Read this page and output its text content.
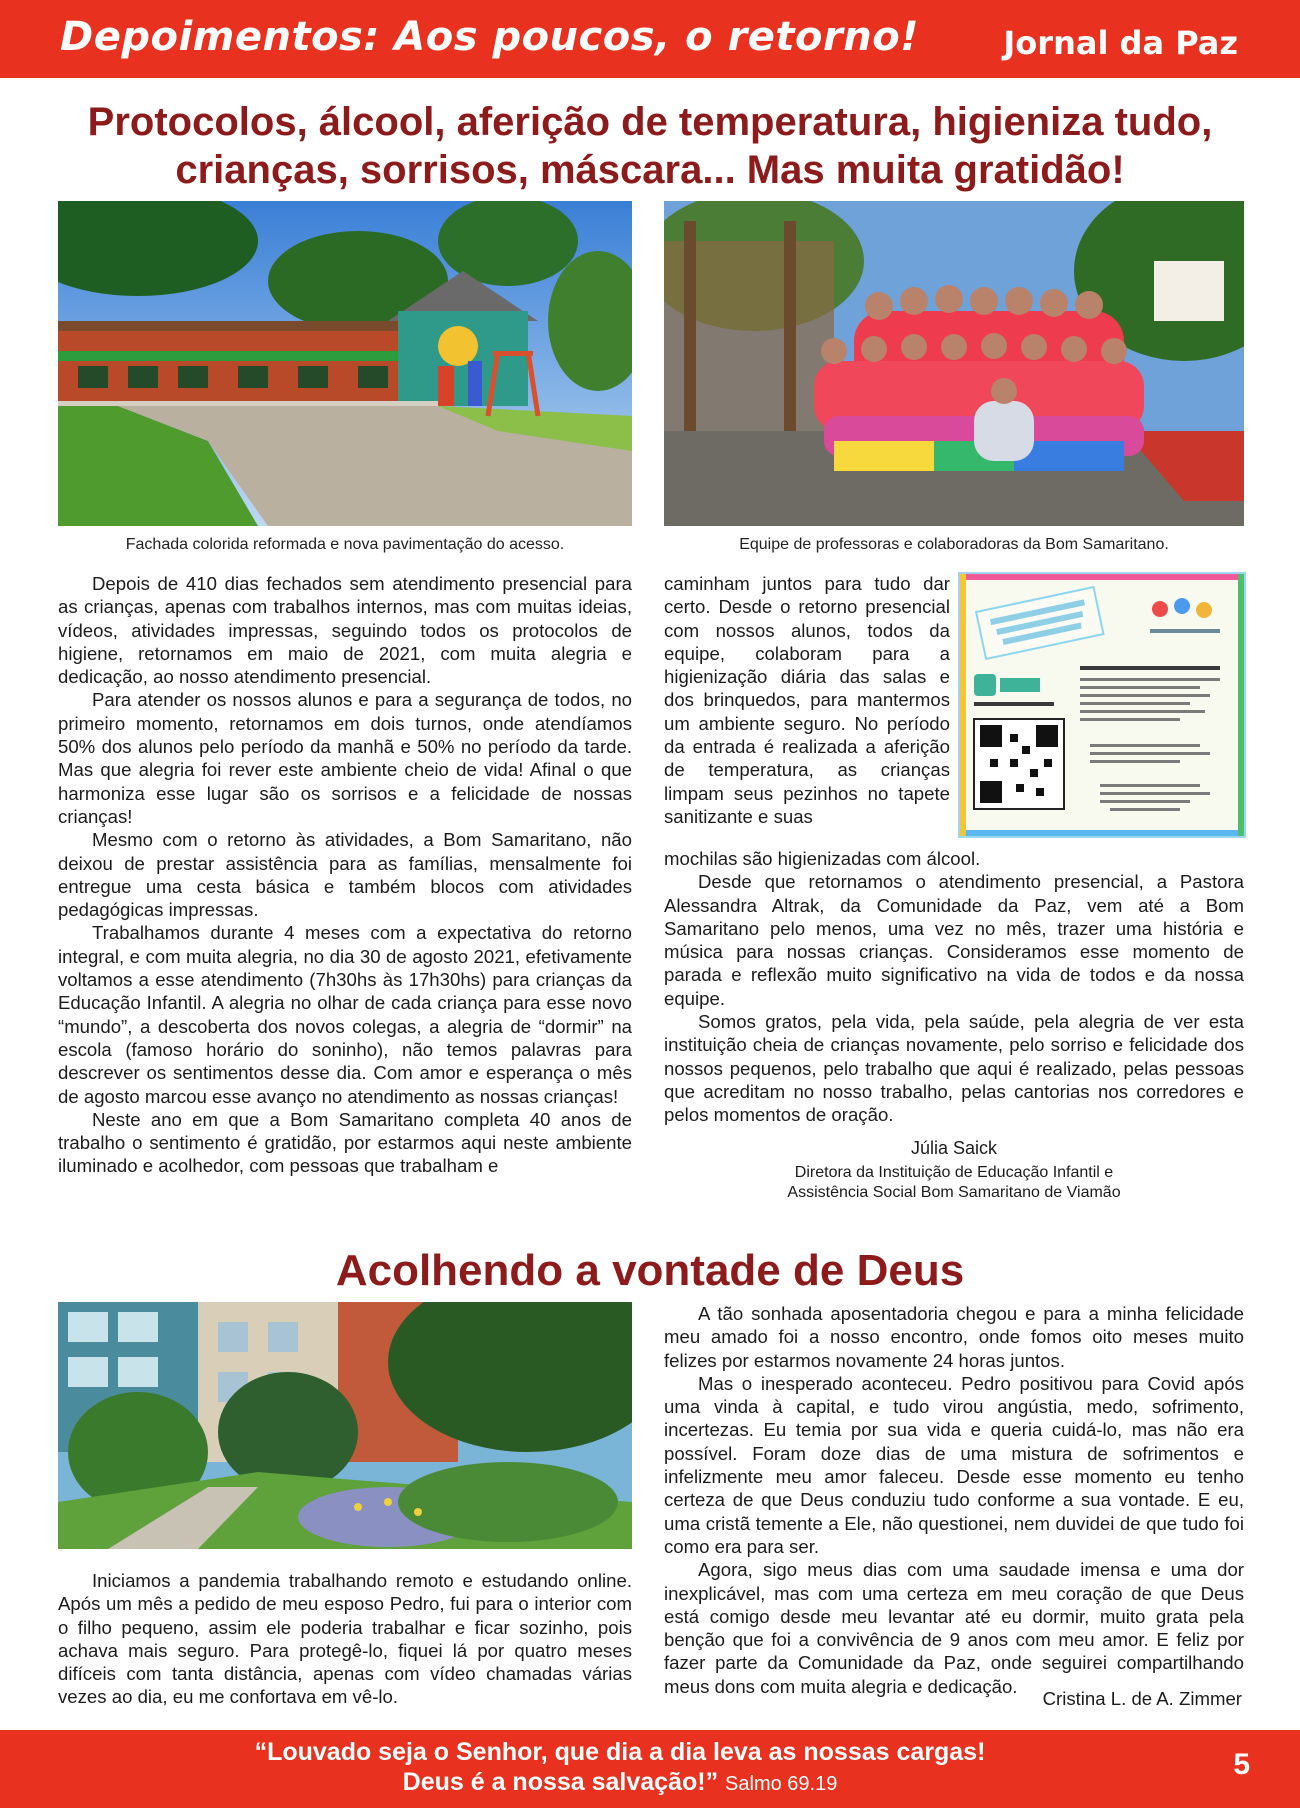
Depoimentos: Aos poucos, o retorno!	Jornal da Paz
Protocolos, álcool, aferição de temperatura, higieniza tudo,
crianças, sorrisos, máscara... Mas muita gratidão!
Fachada colorida reformada e nova pavimentação do acesso.	Equipe de professoras e colaboradoras da Bom Samaritano.

Depois de 410 dias fechados sem atendimento presencial para as crianças, apenas com trabalhos internos, mas com muitas ideias, vídeos, atividades impressas, seguindo todos os protocolos de higiene, retornamos em maio de 2021, com muita alegria e dedicação, ao nosso atendimento presencial.

Para atender os nossos alunos e para a segurança de todos, no primeiro momento, retornamos em dois turnos, onde atendíamos 50% dos alunos pelo período da manhã e 50% no período da tarde. Mas que alegria foi rever este ambiente cheio de vida! Afinal o que harmoniza esse lugar são os sorrisos e a felicidade de nossas crianças!

Mesmo com o retorno às atividades, a Bom Samaritano, não deixou de prestar assistência para as famílias, mensalmente foi entregue uma cesta básica e também blocos com atividades pedagógicas impressas.

Trabalhamos durante 4 meses com a expectativa do retorno integral, e com muita alegria, no dia 30 de agosto 2021, efetivamente voltamos a esse atendimento (7h30hs às 17h30hs) para crianças da Educação Infantil. A alegria no olhar de cada criança para esse novo “mundo”, a descoberta dos novos colegas, a alegria de “dormir” na escola (famoso horário do soninho), não temos palavras para descrever os sentimentos desse dia. Com amor e esperança o mês de agosto marcou esse avanço no atendimento as nossas crianças!

Neste ano em que a Bom Samaritano completa 40 anos de trabalho o sentimento é gratidão, por estarmos aqui neste ambiente iluminado e acolhedor, com pessoas que trabalham e

caminham juntos para tudo dar certo. Desde o retorno presencial com nossos alunos, todos da equipe, colaboram para a higienização diária das salas e dos brinquedos, para mantermos um ambiente seguro. No período da entrada é realizada a aferição de temperatura, as crianças limpam seus pezinhos no tapete sanitizante e suas

mochilas são higienizadas com álcool.

Desde que retornamos o atendimento presencial, a Pastora Alessandra Altrak, da Comunidade da Paz, vem até a Bom Samaritano pelo menos, uma vez no mês, trazer uma história e música para nossas crianças. Consideramos esse momento de parada e reflexão muito significativo na vida de todos e da nossa equipe.

Somos gratos, pela vida, pela saúde, pela alegria de ver esta instituição cheia de crianças novamente, pelo sorriso e felicidade dos nossos pequenos, pelo trabalho que aqui é realizado, pelas pessoas que acreditam no nosso trabalho, pelas cantorias nos corredores e pelos momentos de oração.

Júlia Saick
Diretora da Instituição de Educação Infantil e
Assistência Social Bom Samaritano de Viamão
Acolhendo a vontade de Deus

Iniciamos a pandemia trabalhando remoto e estudando online. Após um mês a pedido de meu esposo Pedro, fui para o interior com o filho pequeno, assim ele poderia trabalhar e ficar sozinho, pois achava mais seguro. Para protegê-lo, fiquei lá por quatro meses difíceis com tanta distância, apenas com vídeo chamadas várias vezes ao dia, eu me confortava em vê-lo.

A tão sonhada aposentadoria chegou e para a minha felicidade meu amado foi a nosso encontro, onde fomos oito meses muito felizes por estarmos novamente 24 horas juntos.

Mas o inesperado aconteceu. Pedro positivou para Covid após uma vinda à capital, e tudo virou angústia, medo, sofrimento, incertezas. Eu temia por sua vida e queria cuidá-lo, mas não era possível. Foram doze dias de uma mistura de sofrimentos e infelizmente meu amor faleceu. Desde esse momento eu tenho certeza de que Deus conduziu tudo conforme a sua vontade. E eu, uma cristã temente a Ele, não questionei, nem duvidei de que tudo foi como era para ser.

Agora, sigo meus dias com uma saudade imensa e uma dor inexplicável, mas com uma certeza em meu coração de que Deus está comigo desde meu levantar até eu dormir, muito grata pela benção que foi a convivência de 9 anos com meu amor. E feliz por fazer parte da Comunidade da Paz, onde seguirei compartilhando meus dons com muita alegria e dedicação.

Cristina L. de A. Zimmer
“Louvado seja o Senhor, que dia a dia leva as nossas cargas!
Deus é a nossa salvação!” Salmo 69.19
5
